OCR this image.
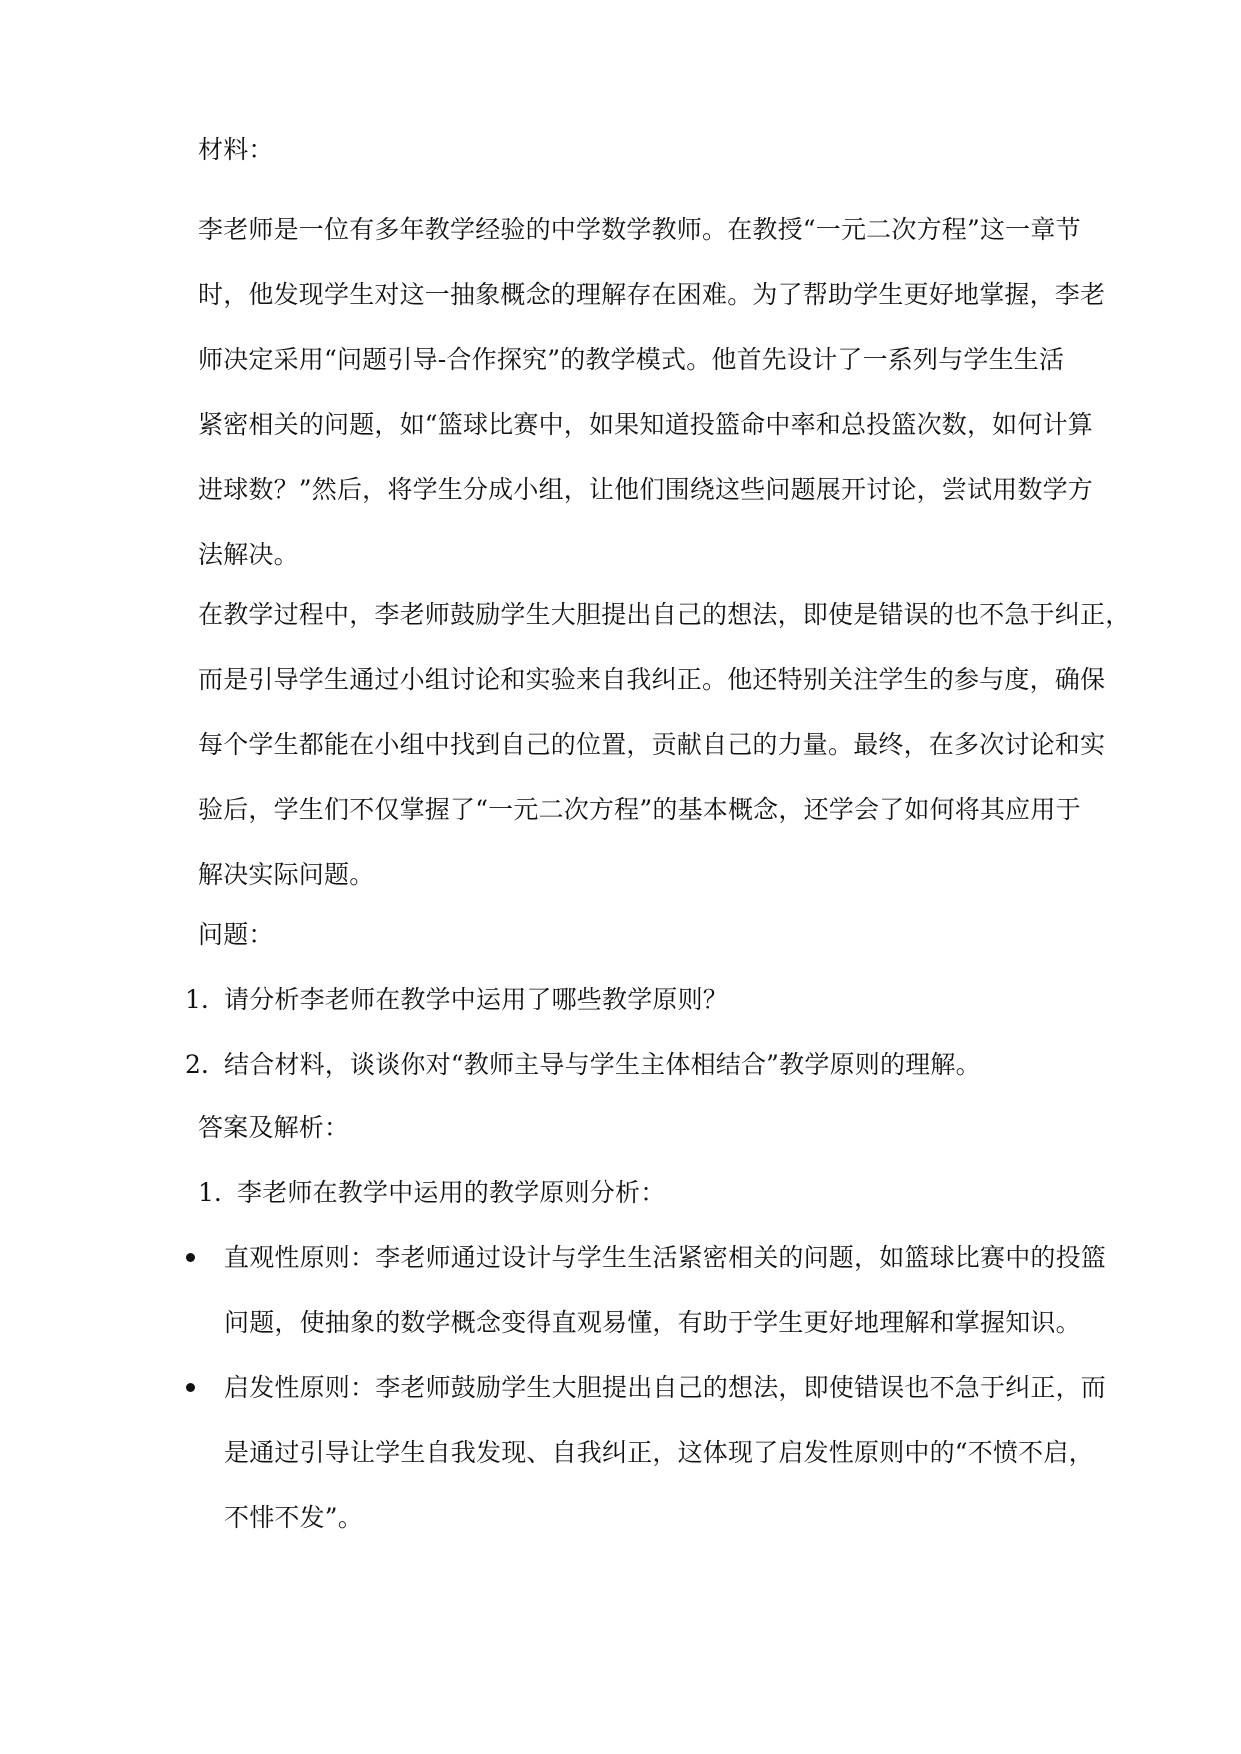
材料：
李老师是一位有多年教学经验的中学数学教师。在教授“一元二次方程”这一章节
时，他发现学生对这一抽象概念的理解存在困难。为了帮助学生更好地掌握，李老
师决定采用“问题引导-合作探究”的教学模式。他首先设计了一系列与学生生活
紧密相关的问题，如“篮球比赛中，如果知道投篮命中率和总投篮次数，如何计算
进球数？”然后，将学生分成小组，让他们围绕这些问题展开讨论，尝试用数学方
法解决。
在教学过程中，李老师鼓励学生大胆提出自己的想法，即使是错误的也不急于纠正，
而是引导学生通过小组讨论和实验来自我纠正。他还特别关注学生的参与度，确保
每个学生都能在小组中找到自己的位置，贡献自己的力量。最终，在多次讨论和实
验后，学生们不仅掌握了“一元二次方程”的基本概念，还学会了如何将其应用于
解决实际问题。
问题：
1. 请分析李老师在教学中运用了哪些教学原则？
2. 结合材料，谈谈你对“教师主导与学生主体相结合”教学原则的理解。
答案及解析：
1. 李老师在教学中运用的教学原则分析：
直观性原则：李老师通过设计与学生生活紧密相关的问题，如篮球比赛中的投篮
问题，使抽象的数学概念变得直观易懂，有助于学生更好地理解和掌握知识。
启发性原则：李老师鼓励学生大胆提出自己的想法，即使错误也不急于纠正，而
是通过引导让学生自我发现、自我纠正，这体现了启发性原则中的“不愤不启，
不悱不发”。
